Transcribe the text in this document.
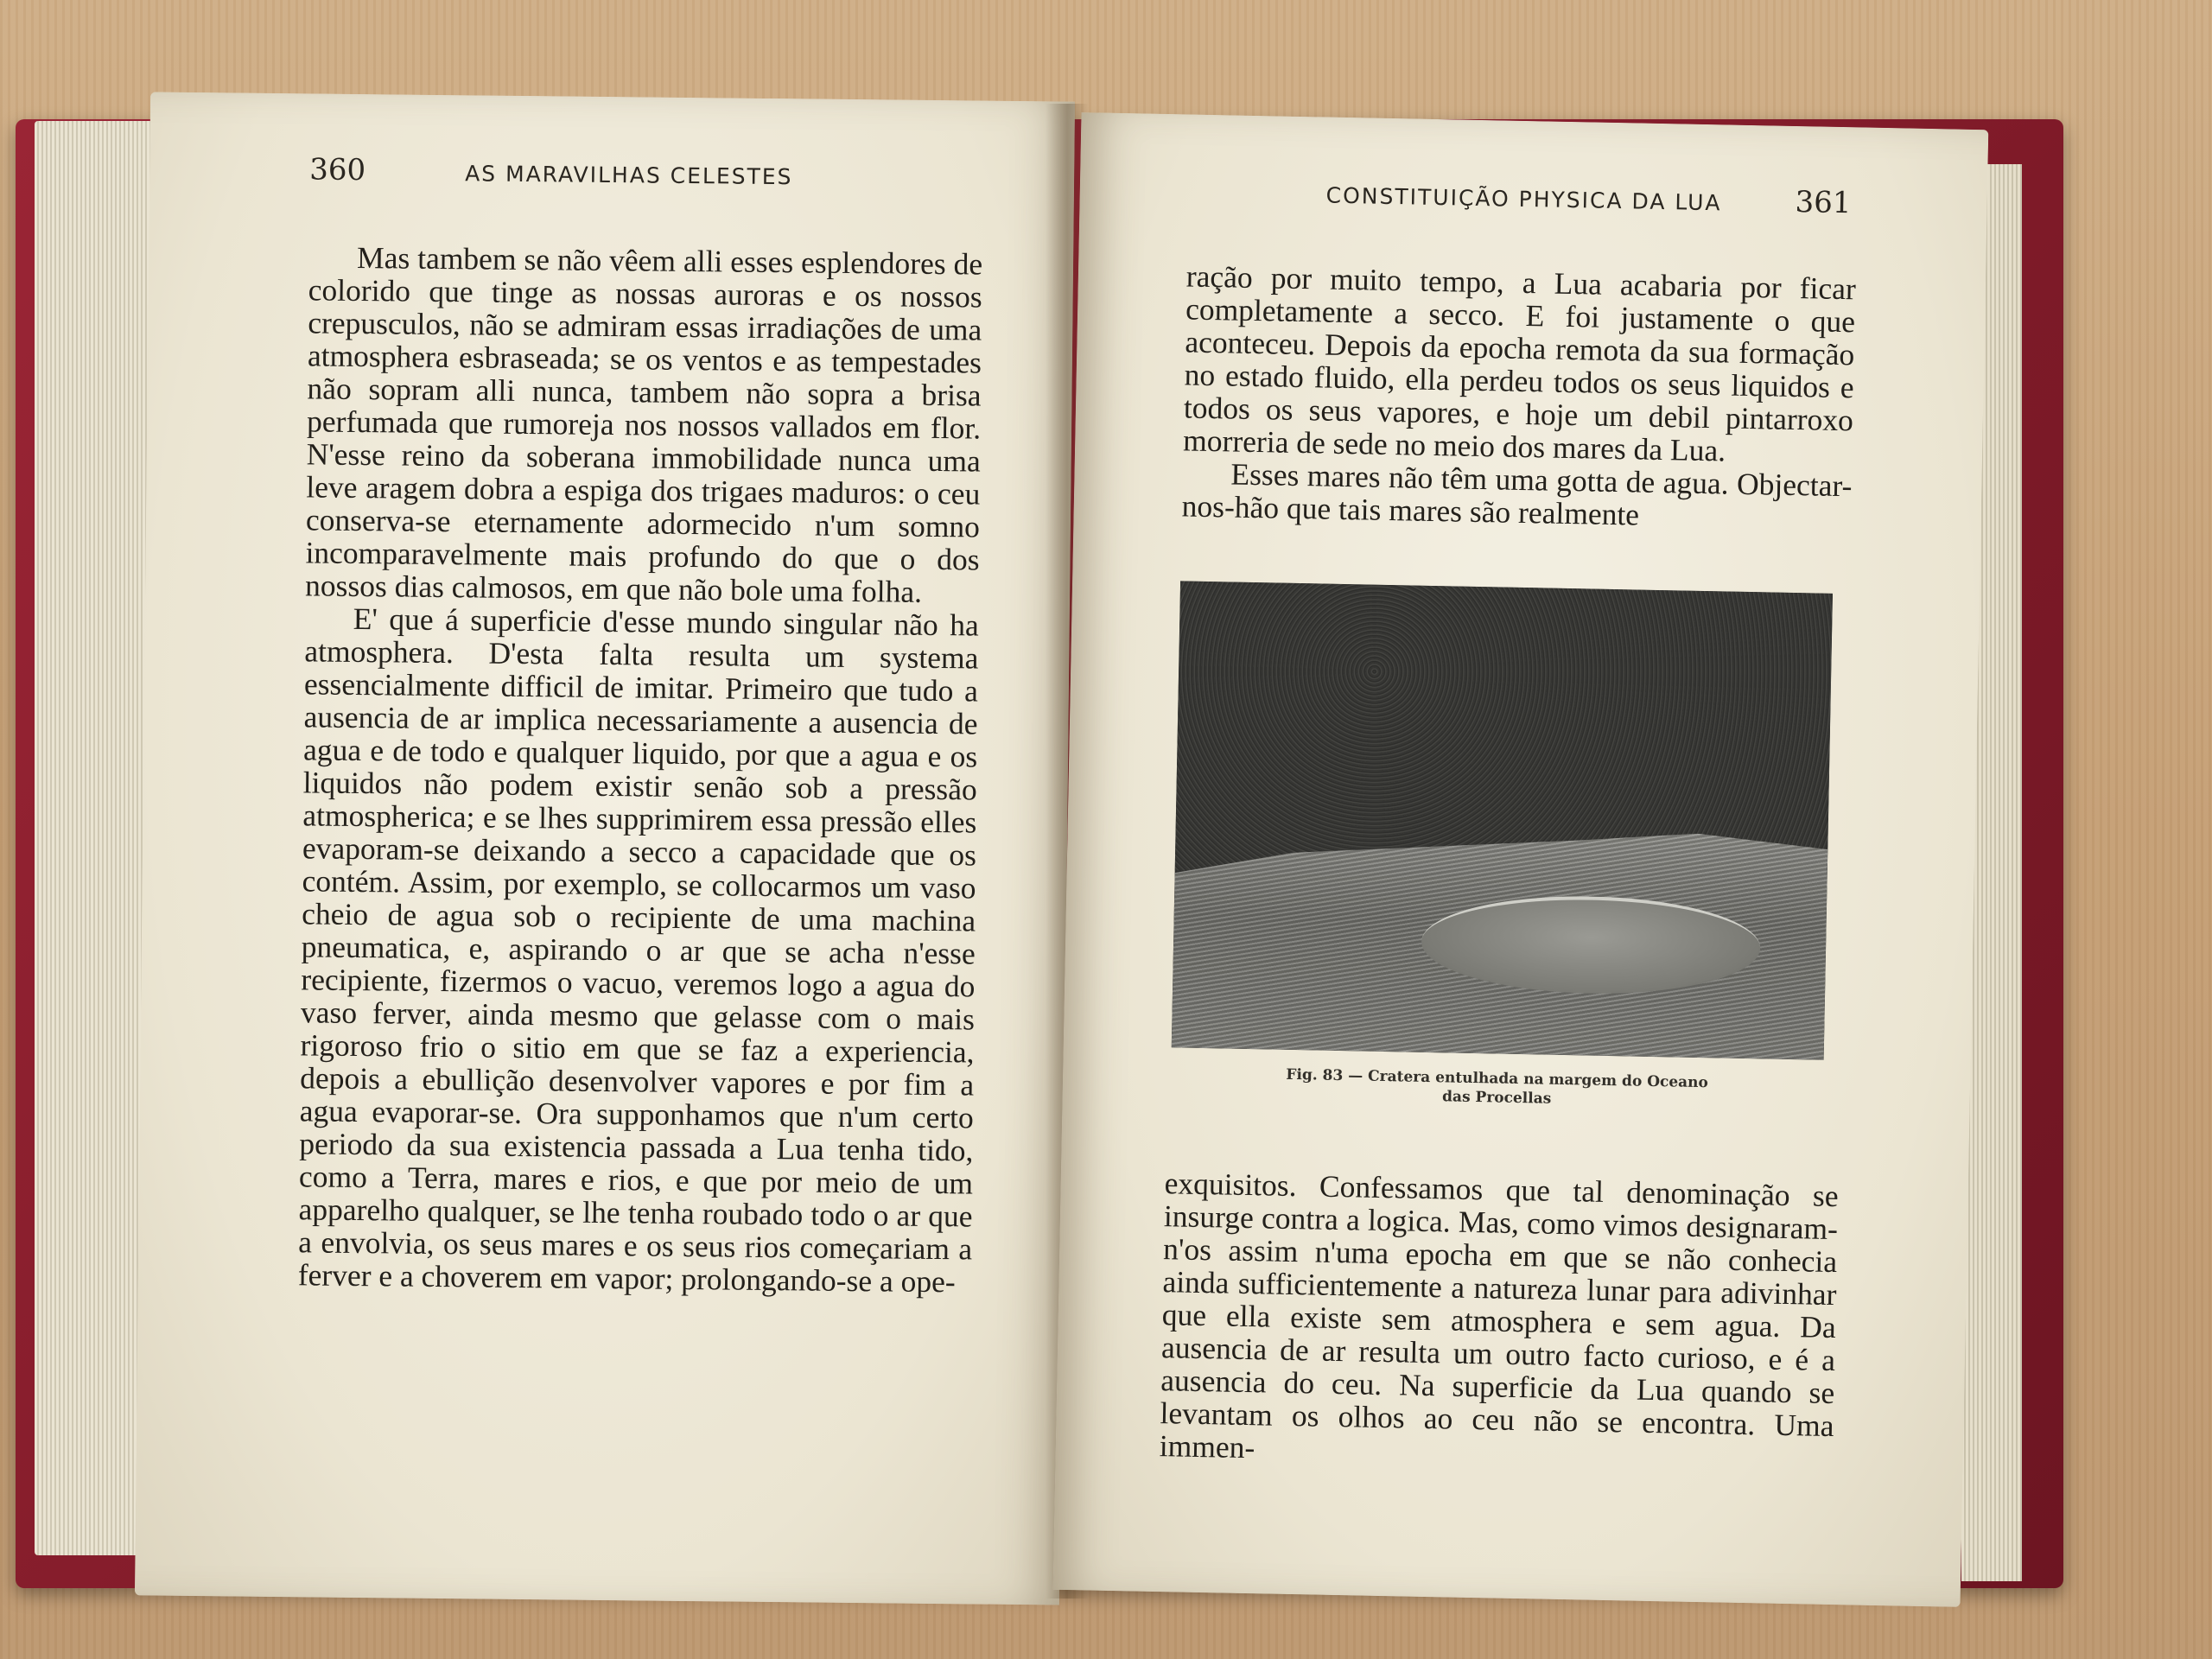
360	AS MARAVILHAS CELESTES

Mas tambem se não vêem alli esses esplendores de colorido que tinge as nossas auroras e os nossos crepusculos, não se admiram essas irradiações de uma atmosphera esbraseada; se os ventos e as tempestades não sopram alli nunca, tambem não sopra a brisa perfumada que rumoreja nos nossos vallados em flor. N'esse reino da soberana immobilidade nunca uma leve aragem dobra a espiga dos trigaes maduros: o ceu conserva-se eternamente adormecido n'um somno incomparavelmente mais profundo do que o dos nossos dias calmosos, em que não bole uma folha.

E' que á superficie d'esse mundo singular não ha atmosphera. D'esta falta resulta um systema essencialmente difficil de imitar. Primeiro que tudo a ausencia de ar implica necessariamente a ausencia de agua e de todo e qualquer liquido, por que a agua e os liquidos não podem existir senão sob a pressão atmospherica; e se lhes supprimirem essa pressão elles evaporam-se deixando a secco a capacidade que os contém. Assim, por exemplo, se collocarmos um vaso cheio de agua sob o recipiente de uma machina pneumatica, e, aspirando o ar que se acha n'esse recipiente, fizermos o vacuo, veremos logo a agua do vaso ferver, ainda mesmo que gelasse com o mais rigoroso frio o sitio em que se faz a experiencia, depois a ebullição desenvolver vapores e por fim a agua evaporar-se. Ora supponhamos que n'um certo periodo da sua existencia passada a Lua tenha tido, como a Terra, mares e rios, e que por meio de um apparelho qualquer, se lhe tenha roubado todo o ar que a envolvia, os seus mares e os seus rios começariam a ferver e a choverem em vapor; prolongando-se a ope-

CONSTITUIÇÃO PHYSICA DA LUA 361

ração por muito tempo, a Lua acabaria por ficar completamente a secco. E foi justamente o que aconteceu. Depois da epocha remota da sua formação no estado fluido, ella perdeu todos os seus liquidos e todos os seus vapores, e hoje um debil pintarroxo morreria de sede no meio dos mares da Lua.

Esses mares não têm uma gotta de agua. Objectar-nos-hão que tais mares são realmente

Fig. 83 — Cratera entulhada na margem do Oceano
das Procellas

exquisitos. Confessamos que tal denominação se insurge contra a logica. Mas, como vimos designaram-n'os assim n'uma epocha em que se não conhecia ainda sufficientemente a natureza lunar para adivinhar que ella existe sem atmosphera e sem agua. Da ausencia de ar resulta um outro facto curioso, e é a ausencia do ceu. Na superficie da Lua quando se levantam os olhos ao ceu não se encontra. Uma immen-
